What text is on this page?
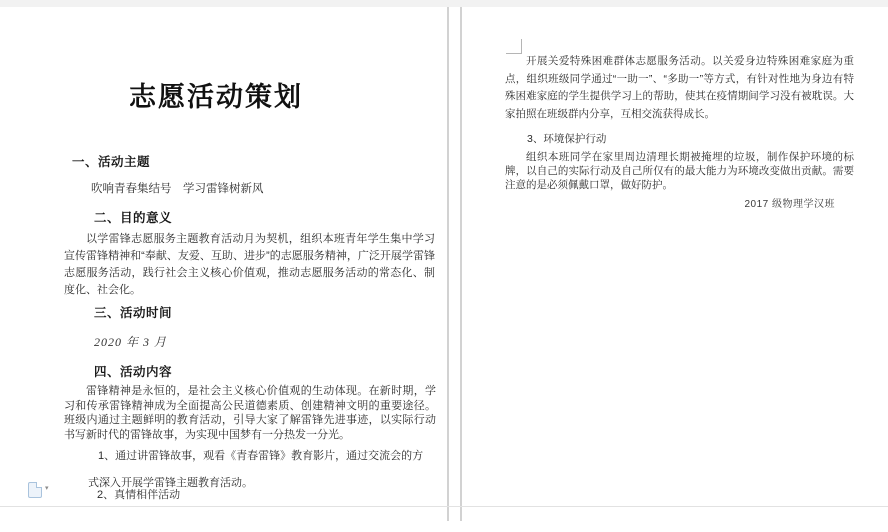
志愿活动策划
一、活动主题
吹响青春集结号　学习雷锋树新风
二、目的意义
以学雷锋志愿服务主题教育活动月为契机，组织本班青年学生集中学习宣传雷锋精神和“奉献、友爱、互助、进步”的志愿服务精神，广泛开展学雷锋志愿服务活动，践行社会主义核心价值观，推动志愿服务活动的常态化、制度化、社会化。
三、活动时间
2020 年 3 月
四、活动内容
雷锋精神是永恒的，是社会主义核心价值观的生动体现。在新时期，学习和传承雷锋精神成为全面提高公民道德素质、创建精神文明的重要途径。班级内通过主题鲜明的教育活动，引导大家了解雷锋先进事迹，以实际行动书写新时代的雷锋故事，为实现中国梦有一分热发一分光。
1、通过讲雷锋故事，观看《青春雷锋》教育影片，通过交流会的方式深入开展学雷锋主题教育活动。
2、真情相伴活动
开展关爱特殊困难群体志愿服务活动。以关爱身边特殊困难家庭为重点，组织班级同学通过“一助一”、“多助一”等方式，有针对性地为身边有特殊困难家庭的学生提供学习上的帮助，使其在疫情期间学习没有被耽误。大家拍照在班级群内分享，互相交流获得成长。
3、环境保护行动
组织本班同学在家里周边清理长期被掩埋的垃圾，制作保护环境的标牌，以自己的实际行动及自己所仅有的最大能力为环境改变做出贡献。需要注意的是必须佩戴口罩，做好防护。
2017 级物理学汉班
▾
